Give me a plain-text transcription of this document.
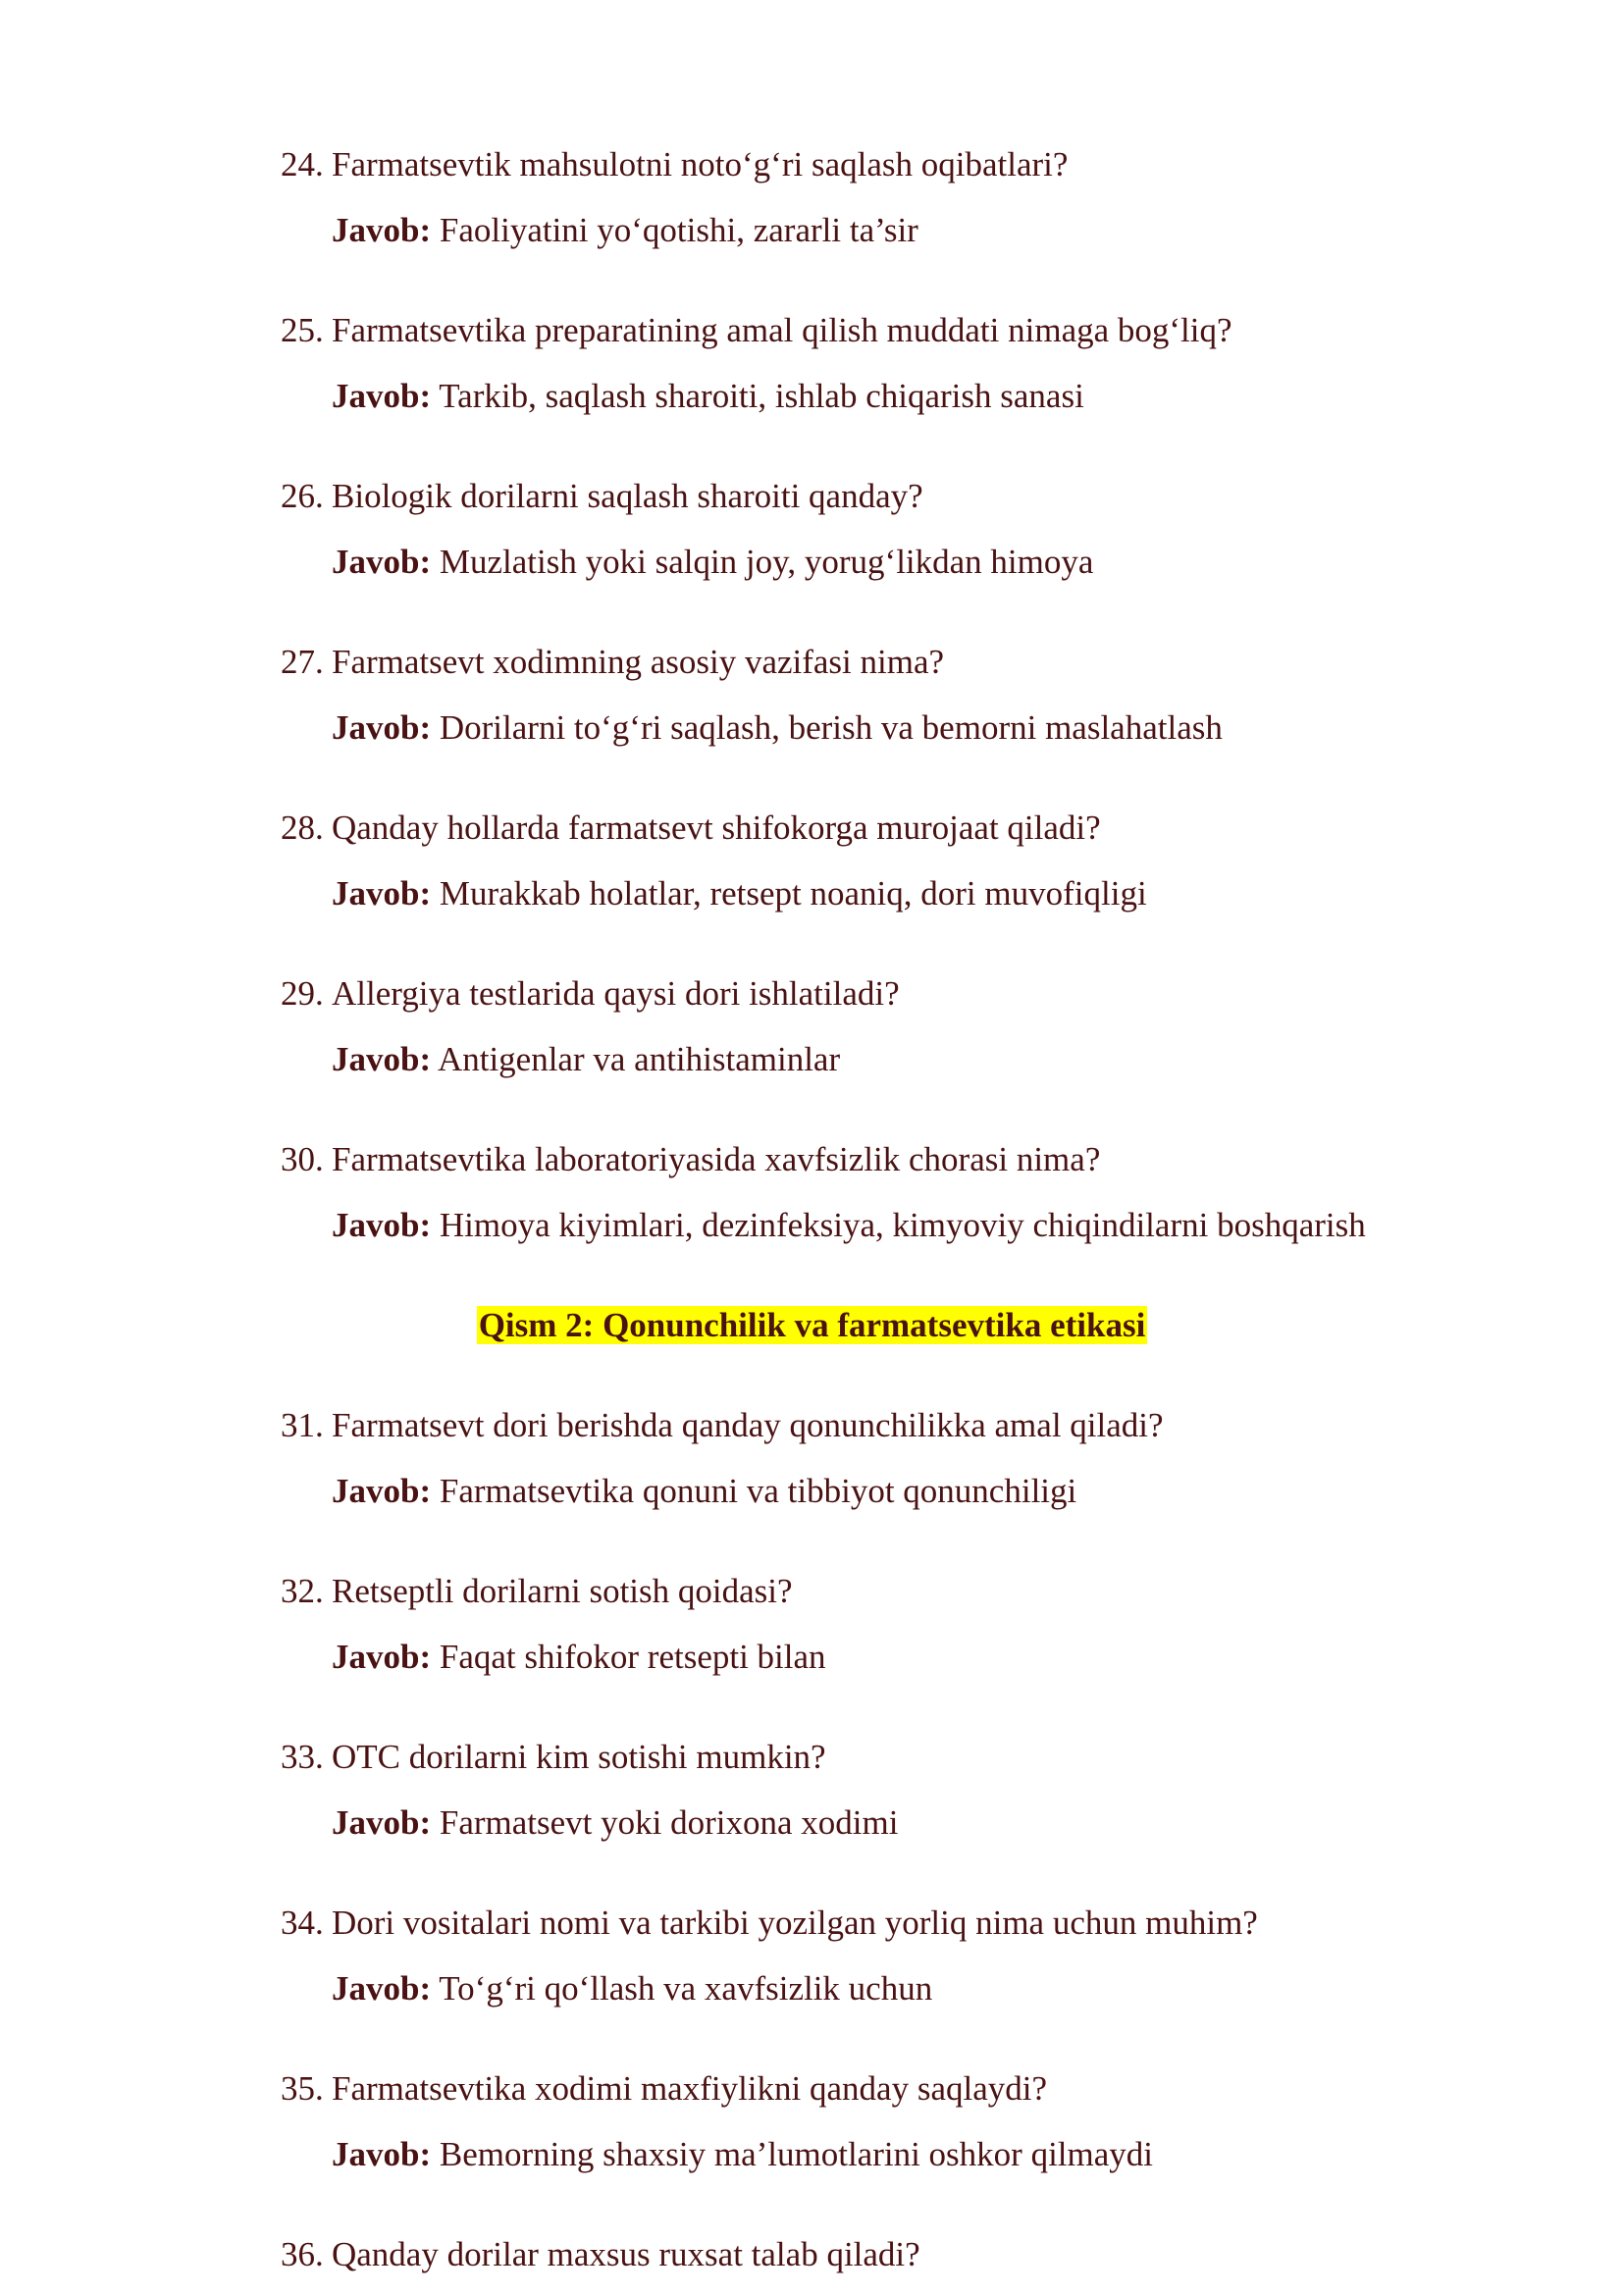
24. Farmatsevtik mahsulotni noto‘g‘ri saqlash oqibatlari?
Javob: Faoliyatini yo‘qotishi, zararli ta’sir
25. Farmatsevtika preparatining amal qilish muddati nimaga bog‘liq?
Javob: Tarkib, saqlash sharoiti, ishlab chiqarish sanasi
26. Biologik dorilarni saqlash sharoiti qanday?
Javob: Muzlatish yoki salqin joy, yorug‘likdan himoya
27. Farmatsevt xodimning asosiy vazifasi nima?
Javob: Dorilarni to‘g‘ri saqlash, berish va bemorni maslahatlash
28. Qanday hollarda farmatsevt shifokorga murojaat qiladi?
Javob: Murakkab holatlar, retsept noaniq, dori muvofiqligi
29. Allergiya testlarida qaysi dori ishlatiladi?
Javob: Antigenlar va antihistaminlar
30. Farmatsevtika laboratoriyasida xavfsizlik chorasi nima?
Javob: Himoya kiyimlari, dezinfeksiya, kimyoviy chiqindilarni boshqarish
Qism 2: Qonunchilik va farmatsevtika etikasi
31. Farmatsevt dori berishda qanday qonunchilikka amal qiladi?
Javob: Farmatsevtika qonuni va tibbiyot qonunchiligi
32. Retseptli dorilarni sotish qoidasi?
Javob: Faqat shifokor retsepti bilan
33. OTC dorilarni kim sotishi mumkin?
Javob: Farmatsevt yoki dorixona xodimi
34. Dori vositalari nomi va tarkibi yozilgan yorliq nima uchun muhim?
Javob: To‘g‘ri qo‘llash va xavfsizlik uchun
35. Farmatsevtika xodimi maxfiylikni qanday saqlaydi?
Javob: Bemorning shaxsiy ma’lumotlarini oshkor qilmaydi
36. Qanday dorilar maxsus ruxsat talab qiladi?
